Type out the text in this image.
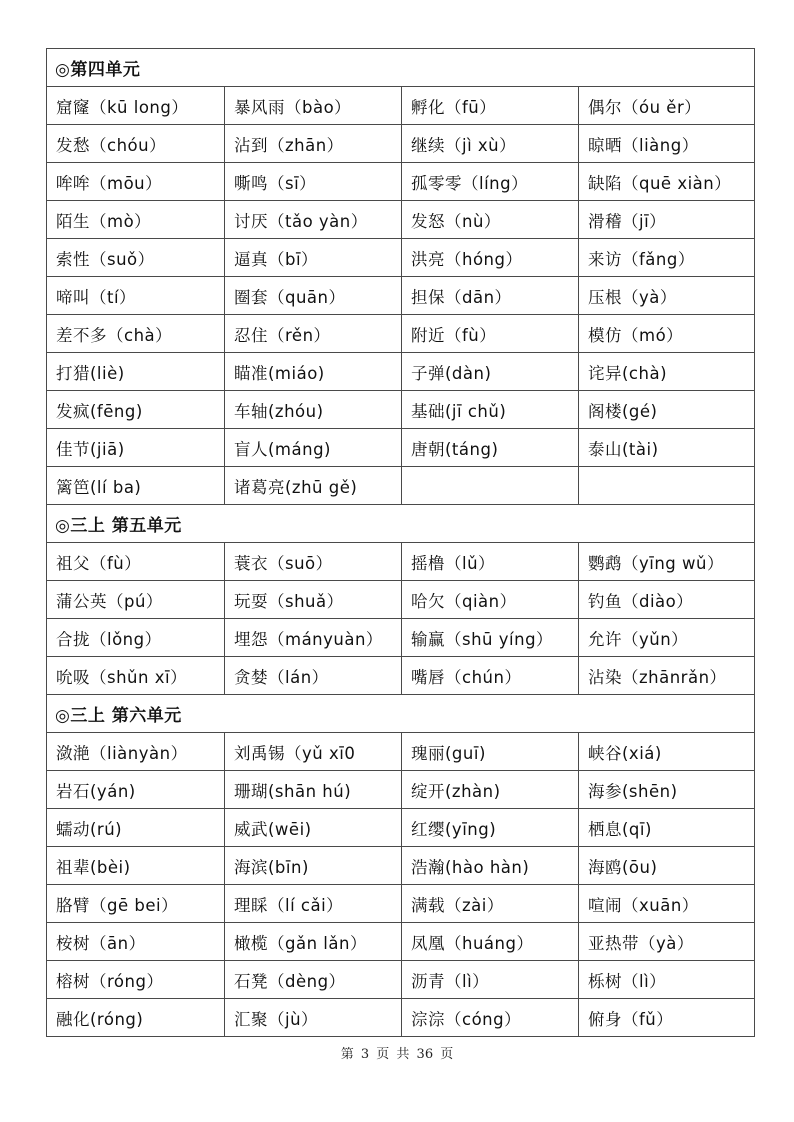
◎第四单元			
窟窿（kū long）	暴风雨（bào）	孵化（fū）	偶尔（óu ěr）
发愁（chóu）	沾到（zhān）	继续（jì xù）	晾晒（liàng）
哞哞（mōu）	嘶鸣（sī）	孤零零（líng）	缺陷（quē xiàn）
陌生（mò）	讨厌（tǎo yàn）	发怒（nù）	滑稽（jī）
索性（suǒ）	逼真（bī）	洪亮（hóng）	来访（fǎng）
啼叫（tí）	圈套（quān）	担保（dān）	压根（yà）
差不多（chà）	忍住（rěn）	附近（fù）	模仿（mó）
打猎(liè)	瞄准(miáo)	子弹(dàn)	诧异(chà)
发疯(fēng)	车轴(zhóu)	基础(jī chǔ)	阁楼(gé)
佳节(jiā)	盲人(máng)	唐朝(táng)	泰山(tài)
篱笆(lí ba)	诸葛亮(zhū gě)		
◎三上 第五单元			
祖父（fù）	蓑衣（suō）	摇橹（lǔ）	鹦鹉（yīng wǔ）
蒲公英（pú）	玩耍（shuǎ）	哈欠（qiàn）	钓鱼（diào）
合拢（lǒng）	埋怨（mányuàn）	输赢（shū yíng）	允许（yǔn）
吮吸（shǔn xī）	贪婪（lán）	嘴唇（chún）	沾染（zhānrǎn）
◎三上 第六单元			
潋滟（liànyàn）	刘禹锡（yǔ xī0	瑰丽(guī)	峡谷(xiá)
岩石(yán)	珊瑚(shān hú)	绽开(zhàn)	海参(shēn)
蠕动(rú)	威武(wēi)	红缨(yīng)	栖息(qī)
祖辈(bèi)	海滨(bīn)	浩瀚(hào hàn)	海鸥(ōu)
胳臂（gē bei）	理睬（lí cǎi）	满载（zài）	喧闹（xuān）
桉树（ān）	橄榄（gǎn lǎn）	凤凰（huáng）	亚热带（yà）
榕树（róng）	石凳（dèng）	沥青（lì）	栎树（lì）
融化(róng)	汇聚（jù）	淙淙（cóng）	俯身（fǔ）
第 3 页 共 36 页
